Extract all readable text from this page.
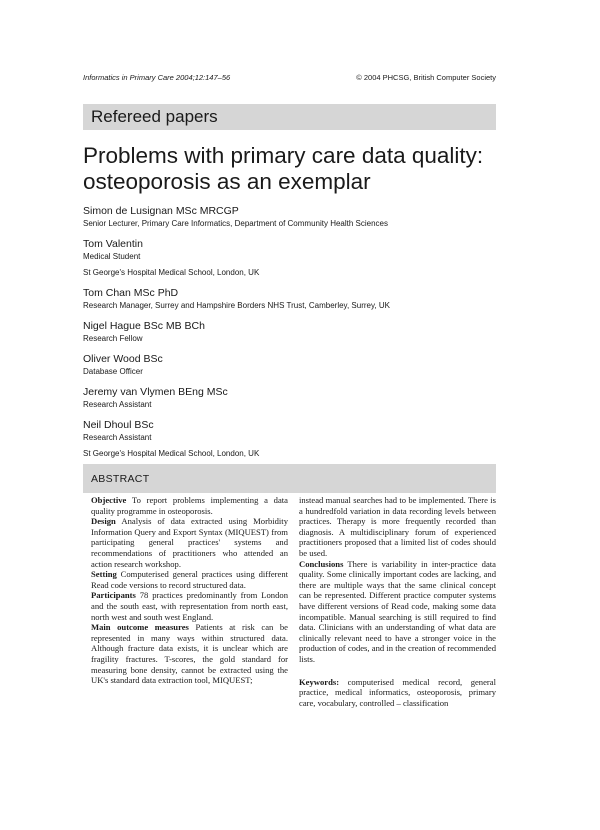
Informatics in Primary Care 2004;12:147–56	© 2004 PHCSG, British Computer Society
Refereed papers
Problems with primary care data quality:
osteoporosis as an exemplar
Simon de Lusignan MSc MRCGP
Senior Lecturer, Primary Care Informatics, Department of Community Health Sciences
Tom Valentin
Medical Student
St George's Hospital Medical School, London, UK
Tom Chan MSc PhD
Research Manager, Surrey and Hampshire Borders NHS Trust, Camberley, Surrey, UK
Nigel Hague BSc MB BCh
Research Fellow
Oliver Wood BSc
Database Officer
Jeremy van Vlymen BEng MSc
Research Assistant
Neil Dhoul BSc
Research Assistant
St George's Hospital Medical School, London, UK
ABSTRACT

Objective To report problems implementing a data quality programme in osteoporosis.

Design Analysis of data extracted using Morbidity Information Query and Export Syntax (MIQUEST) from participating general practices' systems and recommendations of practitioners who attended an action research workshop.

Setting Computerised general practices using different Read code versions to record structured data.

Participants 78 practices predominantly from London and the south east, with representation from north east, north west and south west England.

Main outcome measures Patients at risk can be represented in many ways within structured data. Although fracture data exists, it is unclear which are fragility fractures. T-scores, the gold standard for measuring bone density, cannot be extracted using the UK's standard data extraction tool, MIQUEST;

instead manual searches had to be implemented. There is a hundredfold variation in data recording levels between practices. Therapy is more frequently recorded than diagnosis. A multidisciplinary forum of experienced practitioners proposed that a limited list of codes should be used.

Conclusions There is variability in inter-practice data quality. Some clinically important codes are lacking, and there are multiple ways that the same clinical concept can be represented. Different practice computer systems have different versions of Read code, making some data incompatible. Manual searching is still required to find data. Clinicians with an understanding of what data are clinically relevant need to have a stronger voice in the production of codes, and in the creation of recommended lists.

Keywords: computerised medical record, general practice, medical informatics, osteoporosis, primary care, vocabulary, controlled – classification
